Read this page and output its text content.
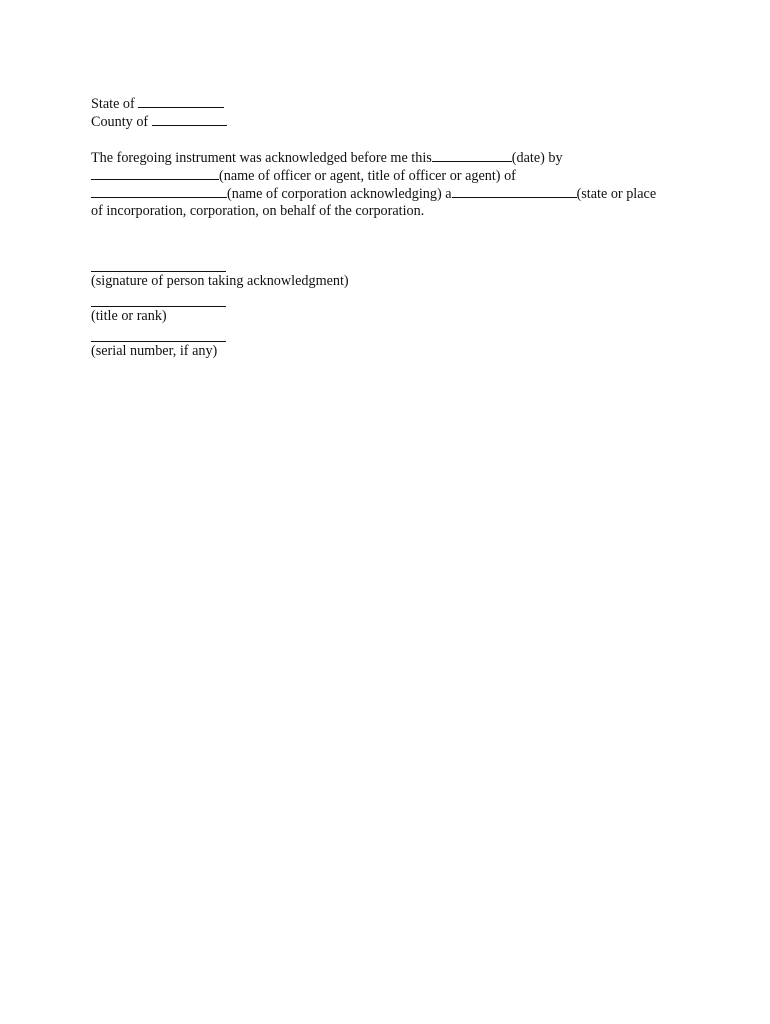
State of
County of
The foregoing instrument was acknowledged before me this	(date) by
(name of officer or agent, title of officer or agent) of
(name of corporation acknowledging) a	(state or place
of incorporation, corporation, on behalf of the corporation.
(signature of person taking acknowledgment)
(title or rank)
(serial number, if any)
